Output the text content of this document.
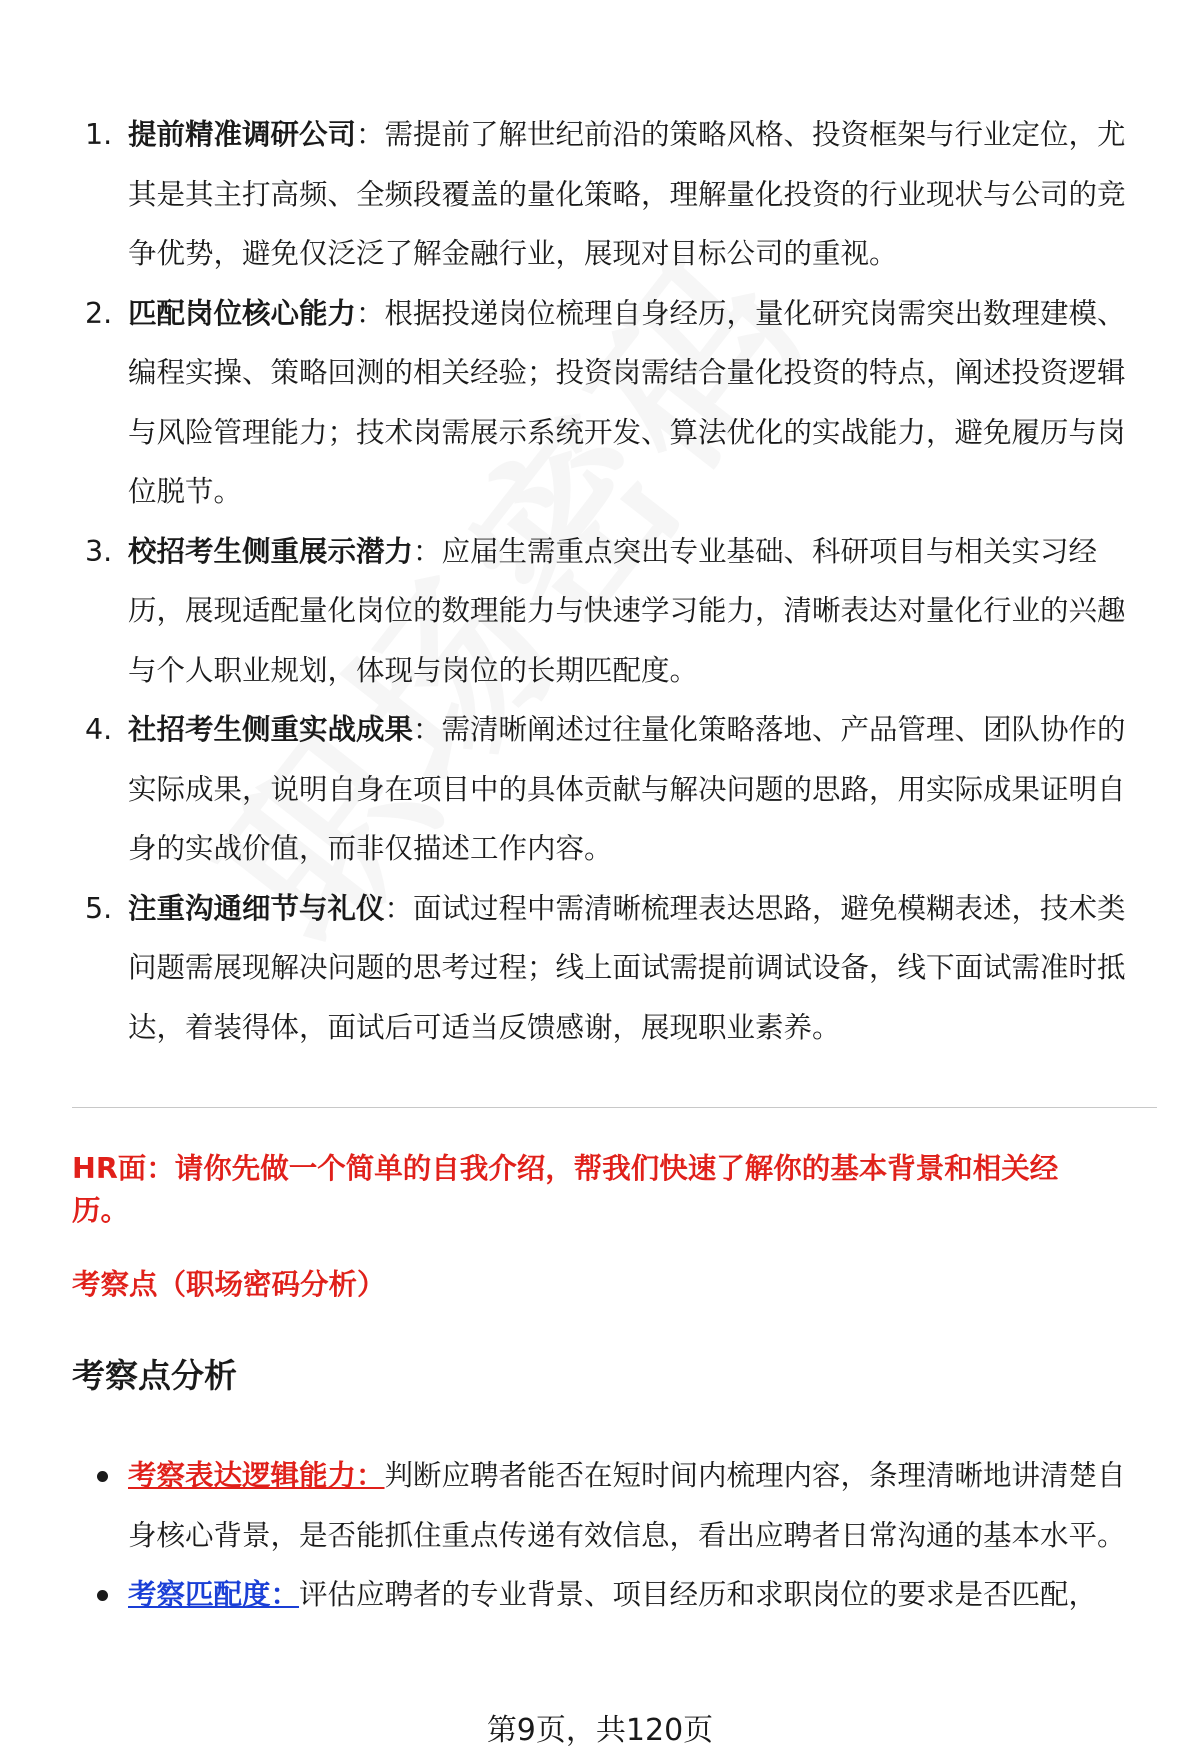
1. 提前精准调研公司：需提前了解世纪前沿的策略风格、投资框架与行业定位，尤其是其主打高频、全频段覆盖的量化策略，理解量化投资的行业现状与公司的竞争优势，避免仅泛泛了解金融行业，展现对目标公司的重视。
2. 匹配岗位核心能力：根据投递岗位梳理自身经历，量化研究岗需突出数理建模、编程实操、策略回测的相关经验；投资岗需结合量化投资的特点，阐述投资逻辑与风险管理能力；技术岗需展示系统开发、算法优化的实战能力，避免履历与岗位脱节。
3. 校招考生侧重展示潜力：应届生需重点突出专业基础、科研项目与相关实习经历，展现适配量化岗位的数理能力与快速学习能力，清晰表达对量化行业的兴趣与个人职业规划，体现与岗位的长期匹配度。
4. 社招考生侧重实战成果：需清晰阐述过往量化策略落地、产品管理、团队协作的实际成果，说明自身在项目中的具体贡献与解决问题的思路，用实际成果证明自身的实战价值，而非仅描述工作内容。
5. 注重沟通细节与礼仪：面试过程中需清晰梳理表达思路，避免模糊表述，技术类问题需展现解决问题的思考过程；线上面试需提前调试设备，线下面试需准时抵达，着装得体，面试后可适当反馈感谢，展现职业素养。
HR面：请你先做一个简单的自我介绍，帮我们快速了解你的基本背景和相关经历。
考察点（职场密码分析）
考察点分析
考察表达逻辑能力：判断应聘者能否在短时间内梳理内容，条理清晰地讲清楚自身核心背景，是否能抓住重点传递有效信息，看出应聘者日常沟通的基本水平。
考察匹配度：评估应聘者的专业背景、项目经历和求职岗位的要求是否匹配，
第9页，共120页
